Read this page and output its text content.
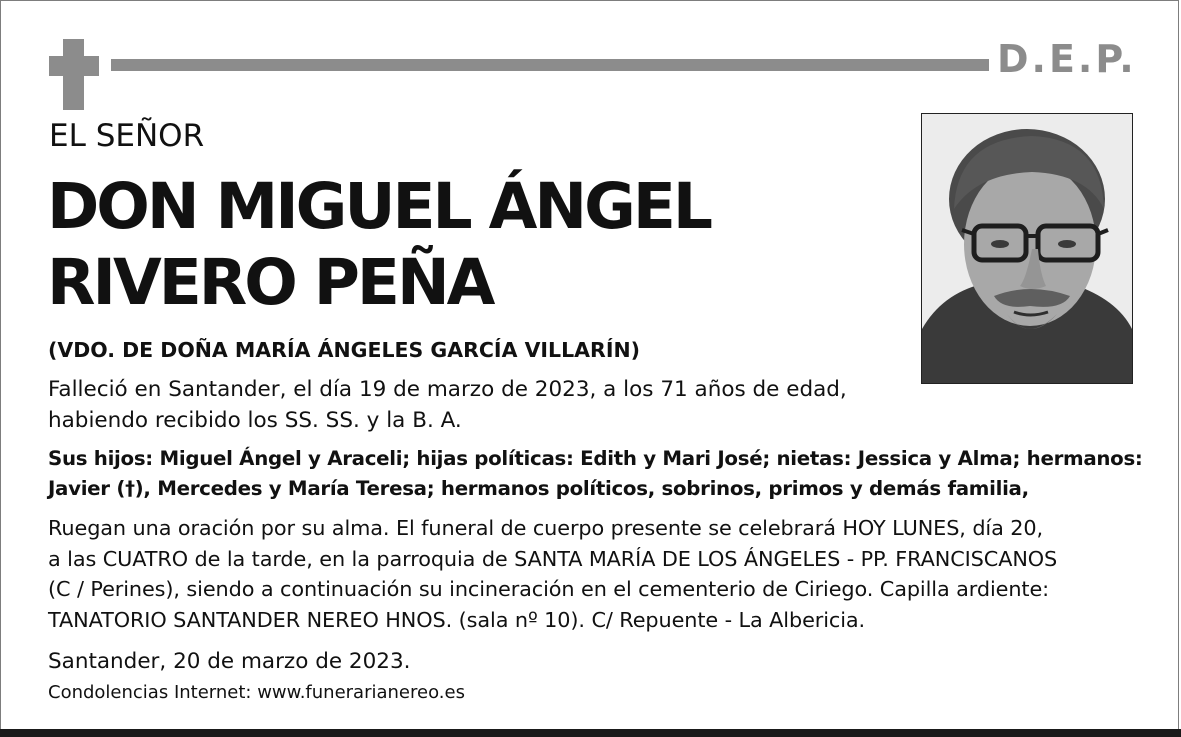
D.E.P.
EL SEÑOR
DON MIGUEL ÁNGEL
RIVERO PEÑA
(VDO. DE DOÑA MARÍA ÁNGELES GARCÍA VILLARÍN)
Falleció en Santander, el día 19 de marzo de 2023, a los 71 años de edad,
habiendo recibido los SS. SS. y la B. A.
Sus hijos: Miguel Ángel y Araceli; hijas políticas: Edith y Mari José; nietas: Jessica y Alma; hermanos:
Javier (†), Mercedes y María Teresa; hermanos políticos, sobrinos, primos y demás familia,
Ruegan una oración por su alma. El funeral de cuerpo presente se celebrará HOY LUNES, día 20,
a las CUATRO de la tarde, en la parroquia de SANTA MARÍA DE LOS ÁNGELES - PP. FRANCISCANOS
(C / Perines), siendo a continuación su incineración en el cementerio de Ciriego. Capilla ardiente:
TANATORIO SANTANDER NEREO HNOS. (sala nº 10). C/ Repuente - La Albericia.
Santander, 20 de marzo de 2023.
Condolencias Internet: www.funerarianereo.es
